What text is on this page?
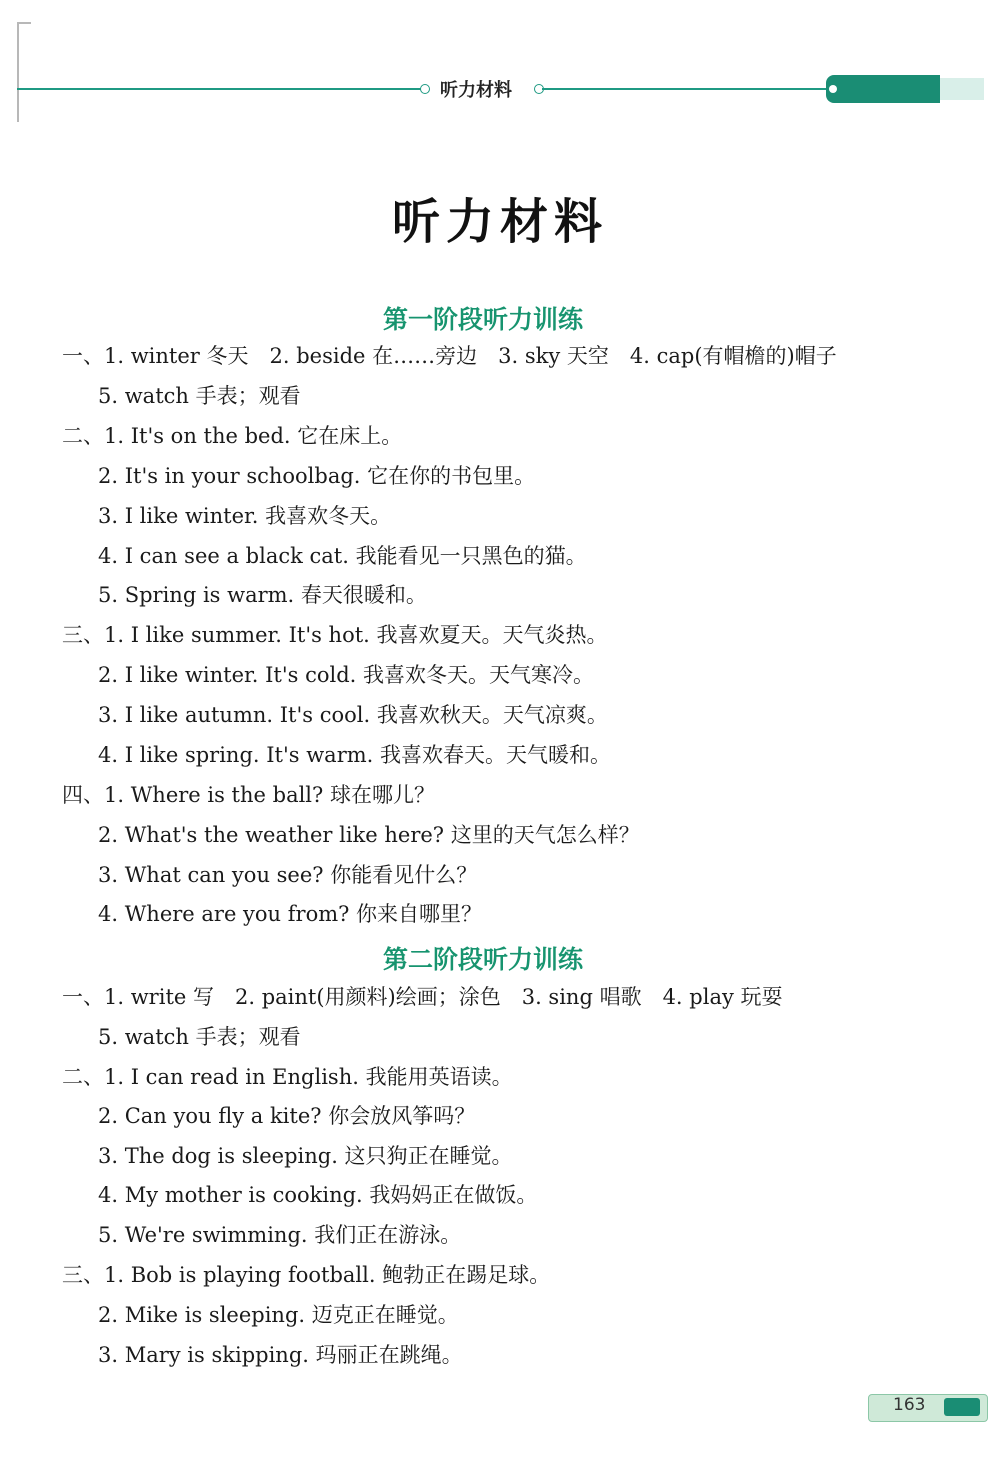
听力材料
听力材料
第一阶段听力训练
一、1. winter 冬天　2. beside 在……旁边　3. sky 天空　4. cap(有帽檐的)帽子
5. watch 手表；观看
二、1. It's on the bed. 它在床上。
2. It's in your schoolbag. 它在你的书包里。
3. I like winter. 我喜欢冬天。
4. I can see a black cat. 我能看见一只黑色的猫。
5. Spring is warm. 春天很暖和。
三、1. I like summer. It's hot. 我喜欢夏天。天气炎热。
2. I like winter. It's cold. 我喜欢冬天。天气寒冷。
3. I like autumn. It's cool. 我喜欢秋天。天气凉爽。
4. I like spring. It's warm. 我喜欢春天。天气暖和。
四、1. Where is the ball? 球在哪儿？
2. What's the weather like here? 这里的天气怎么样？
3. What can you see? 你能看见什么？
4. Where are you from? 你来自哪里？
第二阶段听力训练
一、1. write 写　2. paint(用颜料)绘画；涂色　3. sing 唱歌　4. play 玩耍
5. watch 手表；观看
二、1. I can read in English. 我能用英语读。
2. Can you fly a kite? 你会放风筝吗？
3. The dog is sleeping. 这只狗正在睡觉。
4. My mother is cooking. 我妈妈正在做饭。
5. We're swimming. 我们正在游泳。
三、1. Bob is playing football. 鲍勃正在踢足球。
2. Mike is sleeping. 迈克正在睡觉。
3. Mary is skipping. 玛丽正在跳绳。
163
